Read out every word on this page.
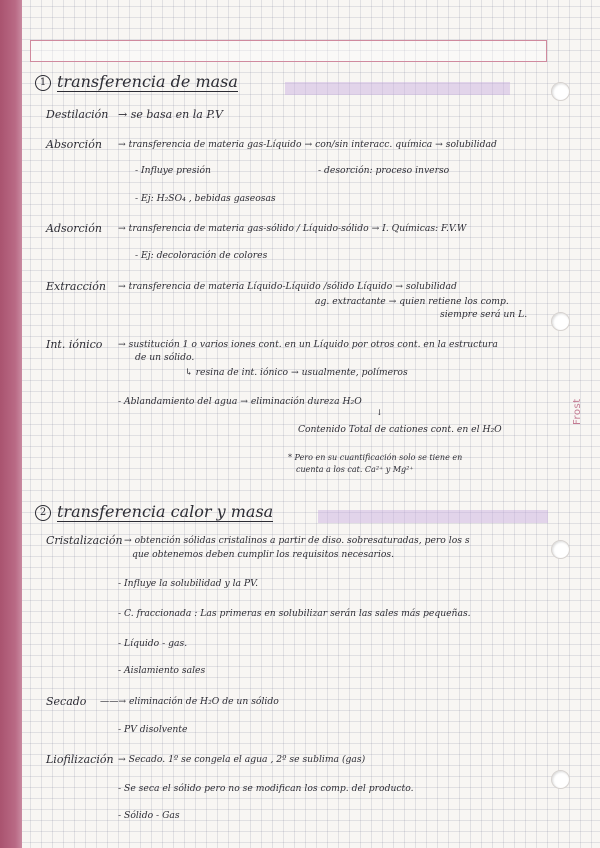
Frost
1 transferencia de masa
Destilación → se basa en la P.V
Absorción → transferencia de materia gas-Líquido → con/sin interacc. química → solubilidad
- Influye presión	- desorción: proceso inverso
- Ej: H₂SO₄ , bebidas gaseosas
Adsorción → transferencia de materia gas-sólido / Líquido-sólido → I. Químicas: F.V.W
- Ej: decoloración de colores
Extracción → transferencia de materia Líquido-Líquido /sólido Líquido → solubilidad
ag. extractante → quien retiene los comp.
siempre será un L.
Int. iónico → sustitución 1 o varios iones cont. en un Líquido por otros cont. en la estructura
de un sólido.
↳ resina de int. iónico → usualmente, polímeros
- Ablandamiento del agua → eliminación dureza H₂O
↓
Contenido Total de cationes cont. en el H₂O
* Pero en su cuantificación solo se tiene en
cuenta a los cat. Ca²⁺ y Mg²⁺
2 transferencia calor y masa
Cristalización → obtención sólidas cristalinos a partir de diso. sobresaturadas, pero los s
que obtenemos deben cumplir los requisitos necesarios.
- Influye la solubilidad y la PV.
- C. fraccionada : Las primeras en solubilizar serán las sales más pequeñas.
- Líquido - gas.
- Aislamiento sales
Secado ——→ eliminación de H₂O de un sólido
- PV disolvente
Liofilización → Secado. 1º se congela el agua , 2º se sublima (gas)
- Se seca el sólido pero no se modifican los comp. del producto.
- Sólido - Gas
